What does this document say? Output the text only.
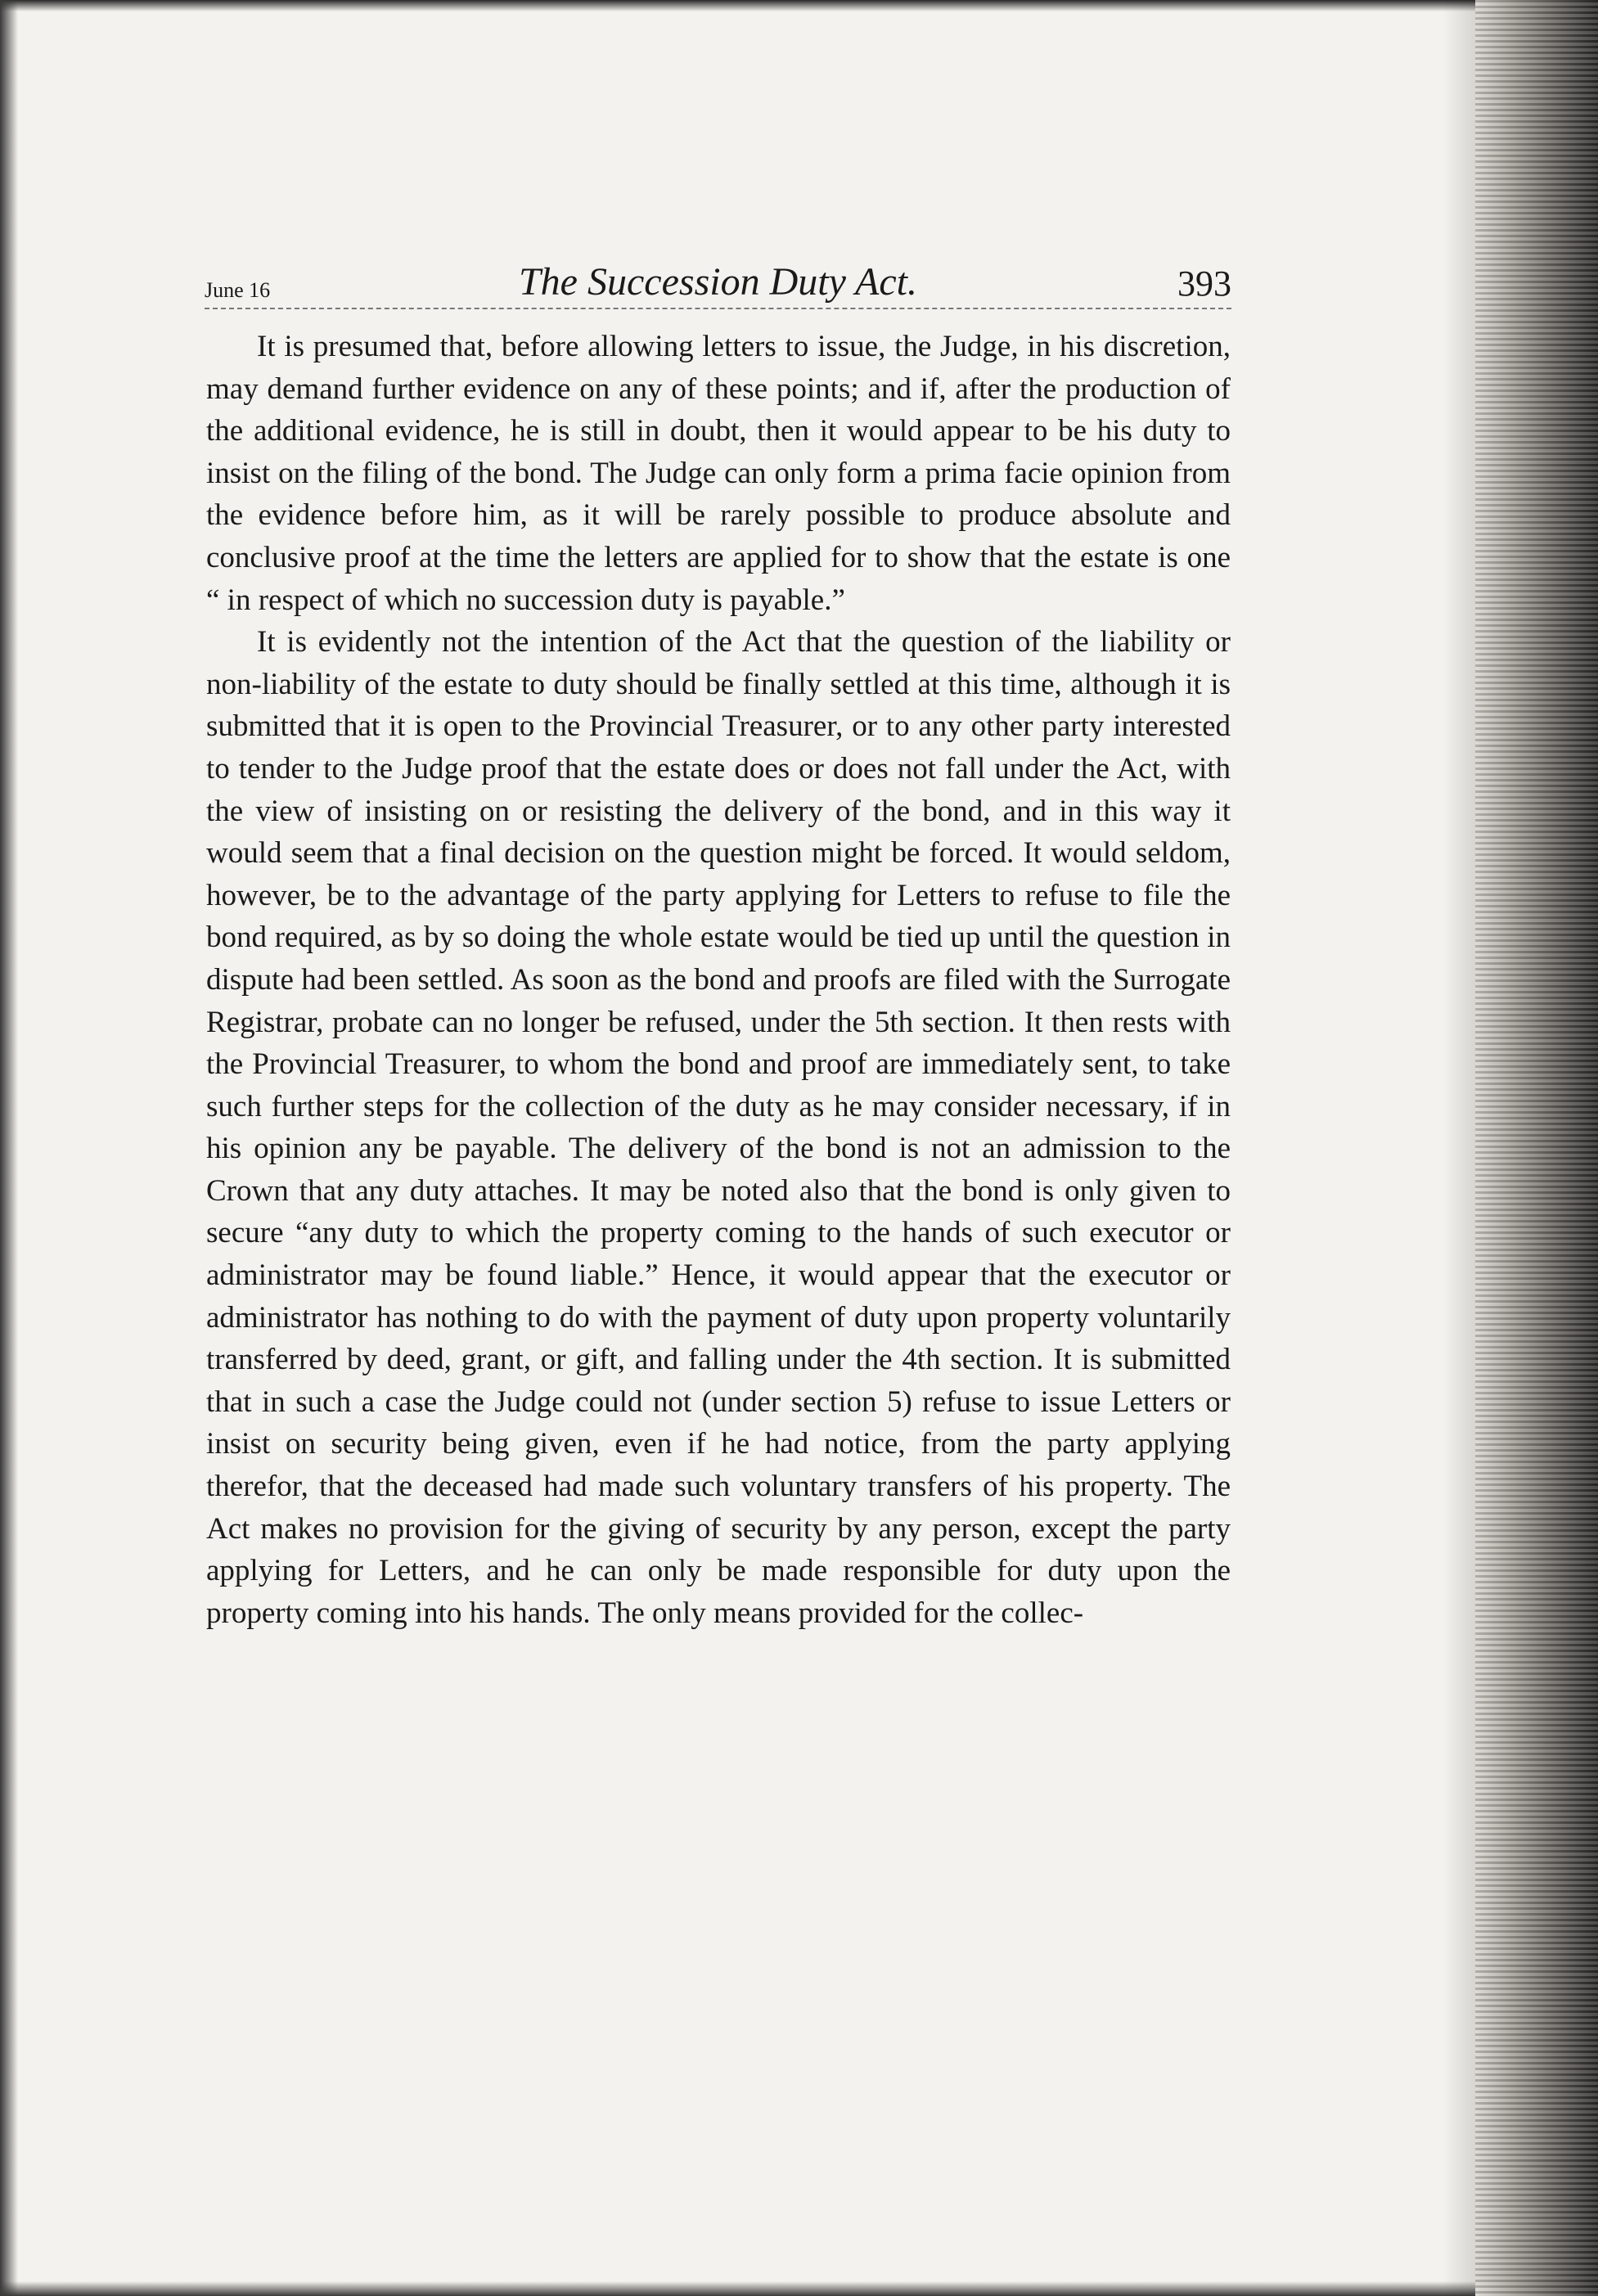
June 16	The Succession Duty Act.	393

It is presumed that, before allowing letters to issue, the Judge, in his discretion, may demand further evidence on any of these points; and if, after the production of the additional evidence, he is still in doubt, then it would appear to be his duty to insist on the filing of the bond. The Judge can only form a prima facie opinion from the evidence before him, as it will be rarely possible to produce absolute and conclusive proof at the time the letters are applied for to show that the estate is one “ in respect of which no succession duty is payable.”

It is evidently not the intention of the Act that the question of the liability or non-liability of the estate to duty should be finally settled at this time, although it is submitted that it is open to the Provincial Treasurer, or to any other party interested to tender to the Judge proof that the estate does or does not fall under the Act, with the view of insisting on or resisting the delivery of the bond, and in this way it would seem that a final decision on the question might be forced. It would seldom, however, be to the advantage of the party applying for Letters to refuse to file the bond required, as by so doing the whole estate would be tied up until the question in dispute had been settled. As soon as the bond and proofs are filed with the Surrogate Registrar, probate can no longer be refused, under the 5th section. It then rests with the Provincial Treasurer, to whom the bond and proof are immediately sent, to take such further steps for the collection of the duty as he may consider necessary, if in his opinion any be payable. The delivery of the bond is not an admission to the Crown that any duty attaches. It may be noted also that the bond is only given to secure “any duty to which the property coming to the hands of such executor or administrator may be found liable.” Hence, it would appear that the executor or administrator has nothing to do with the payment of duty upon property voluntarily transferred by deed, grant, or gift, and falling under the 4th section. It is submitted that in such a case the Judge could not (under section 5) refuse to issue Letters or insist on security being given, even if he had notice, from the party applying therefor, that the deceased had made such voluntary transfers of his property. The Act makes no provision for the giving of security by any person, except the party applying for Letters, and he can only be made responsible for duty upon the property coming into his hands. The only means provided for the collec-
